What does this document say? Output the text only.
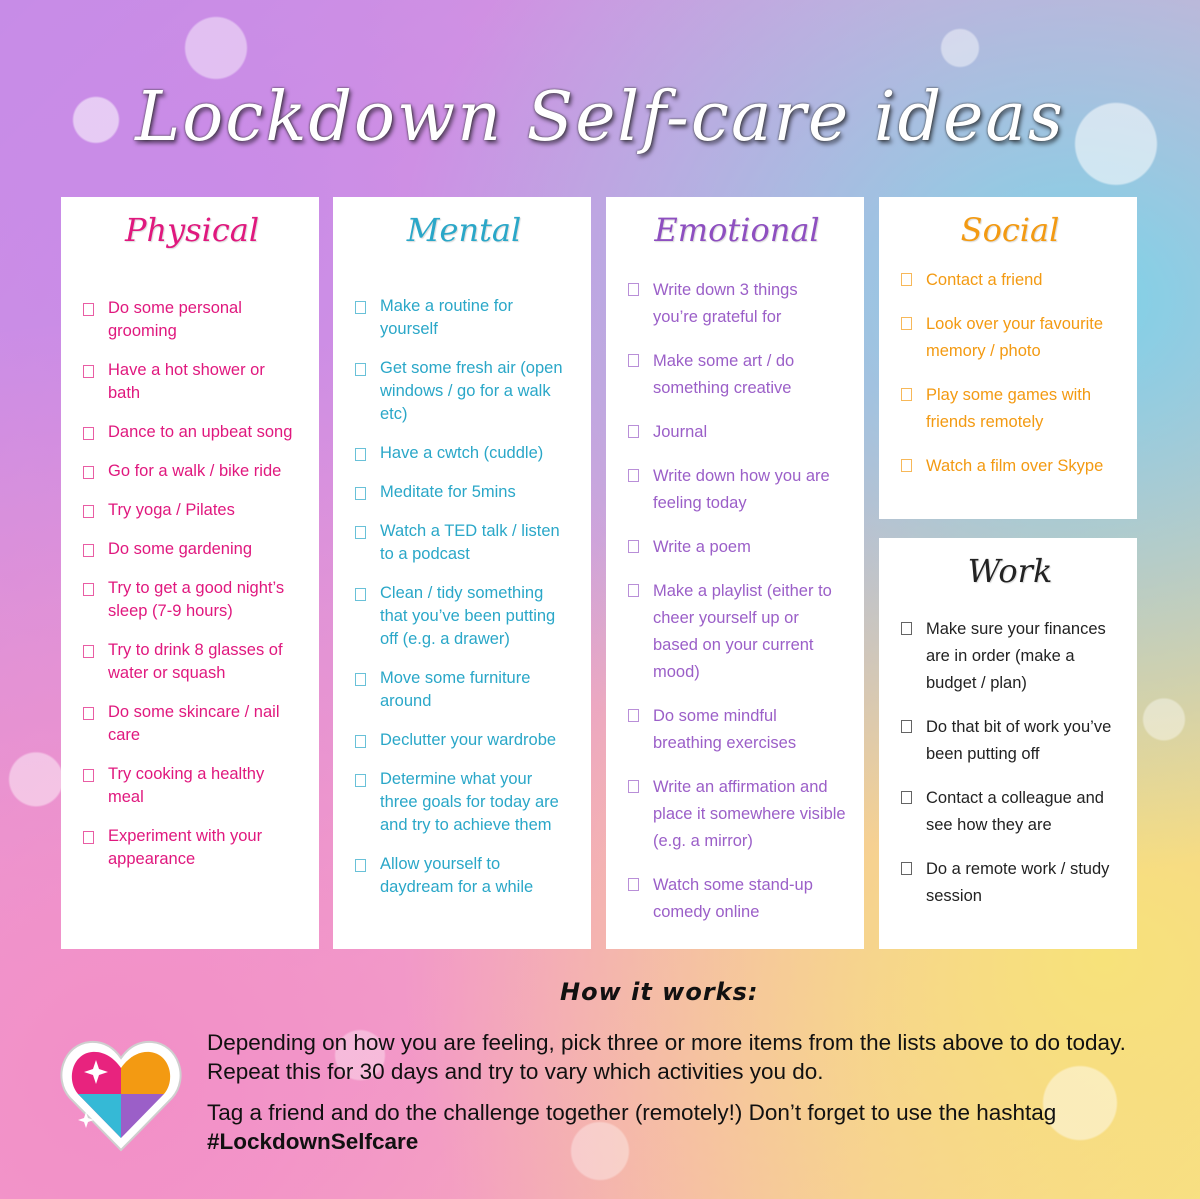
Lockdown Self-care ideas
Physical
Do some personal grooming
Have a hot shower or bath
Dance to an upbeat song
Go for a walk / bike ride
Try yoga / Pilates
Do some gardening
Try to get a good night’s sleep (7-9 hours)
Try to drink 8 glasses of water or squash
Do some skincare / nail care
Try cooking a healthy meal
Experiment with your appearance
Mental
Make a routine for yourself
Get some fresh air (open windows / go for a walk etc)
Have a cwtch (cuddle)
Meditate for 5mins
Watch a TED talk / listen to a podcast
Clean / tidy something that you’ve been putting off (e.g. a drawer)
Move some furniture around
Declutter your wardrobe
Determine what your three goals for today are and try to achieve them
Allow yourself to daydream for a while
Emotional
Write down 3 things you’re grateful for
Make some art / do something creative
Journal
Write down how you are feeling today
Write a poem
Make a playlist (either to cheer yourself up or based on your current mood)
Do some mindful breathing exercises
Write an affirmation and place it somewhere visible (e.g. a mirror)
Watch some stand-up comedy online
Social
Contact a friend
Look over your favourite memory / photo
Play some games with friends remotely
Watch a film over Skype
Work
Make sure your finances are in order (make a budget / plan)
Do that bit of work you’ve been putting off
Contact a colleague and see how they are
Do a remote work / study session
How it works:

Depending on how you are feeling, pick three or more items from the lists above to do today. Repeat this for 30 days and try to vary which activities you do.

Tag a friend and do the challenge together (remotely!) Don’t forget to use the hashtag #LockdownSelfcare
